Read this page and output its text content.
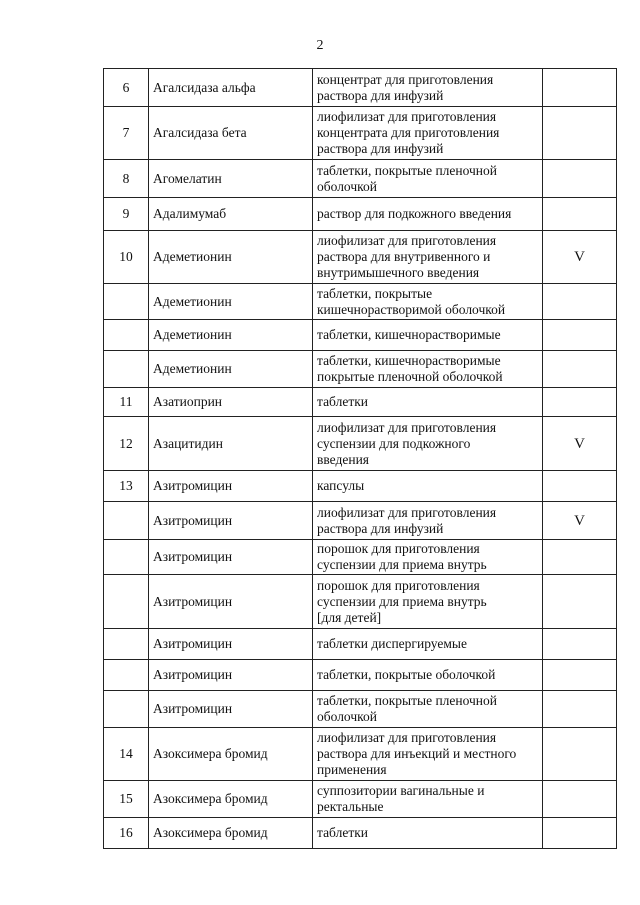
2
6	Агалсидаза альфа	концентрат для приготовления
раствора для инфузий	
7	Агалсидаза бета	лиофилизат для приготовления
концентрата для приготовления
раствора для инфузий	
8	Агомелатин	таблетки, покрытые пленочной
оболочкой	
9	Адалимумаб	раствор для подкожного введения	
10	Адеметионин	лиофилизат для приготовления
раствора для внутривенного и
внутримышечного введения	V
	Адеметионин	таблетки, покрытые
кишечнорастворимой оболочкой	
	Адеметионин	таблетки, кишечнорастворимые	
	Адеметионин	таблетки, кишечнорастворимые
покрытые пленочной оболочкой	
11	Азатиоприн	таблетки	
12	Азацитидин	лиофилизат для приготовления
суспензии для подкожного
введения	V
13	Азитромицин	капсулы	
	Азитромицин	лиофилизат для приготовления
раствора для инфузий	V
	Азитромицин	порошок для приготовления
суспензии для приема внутрь	
	Азитромицин	порошок для приготовления
суспензии для приема внутрь
[для детей]	
	Азитромицин	таблетки диспергируемые	
	Азитромицин	таблетки, покрытые оболочкой	
	Азитромицин	таблетки, покрытые пленочной
оболочкой	
14	Азоксимера бромид	лиофилизат для приготовления
раствора для инъекций и местного
применения	
15	Азоксимера бромид	суппозитории вагинальные и
ректальные	
16	Азоксимера бромид	таблетки	
